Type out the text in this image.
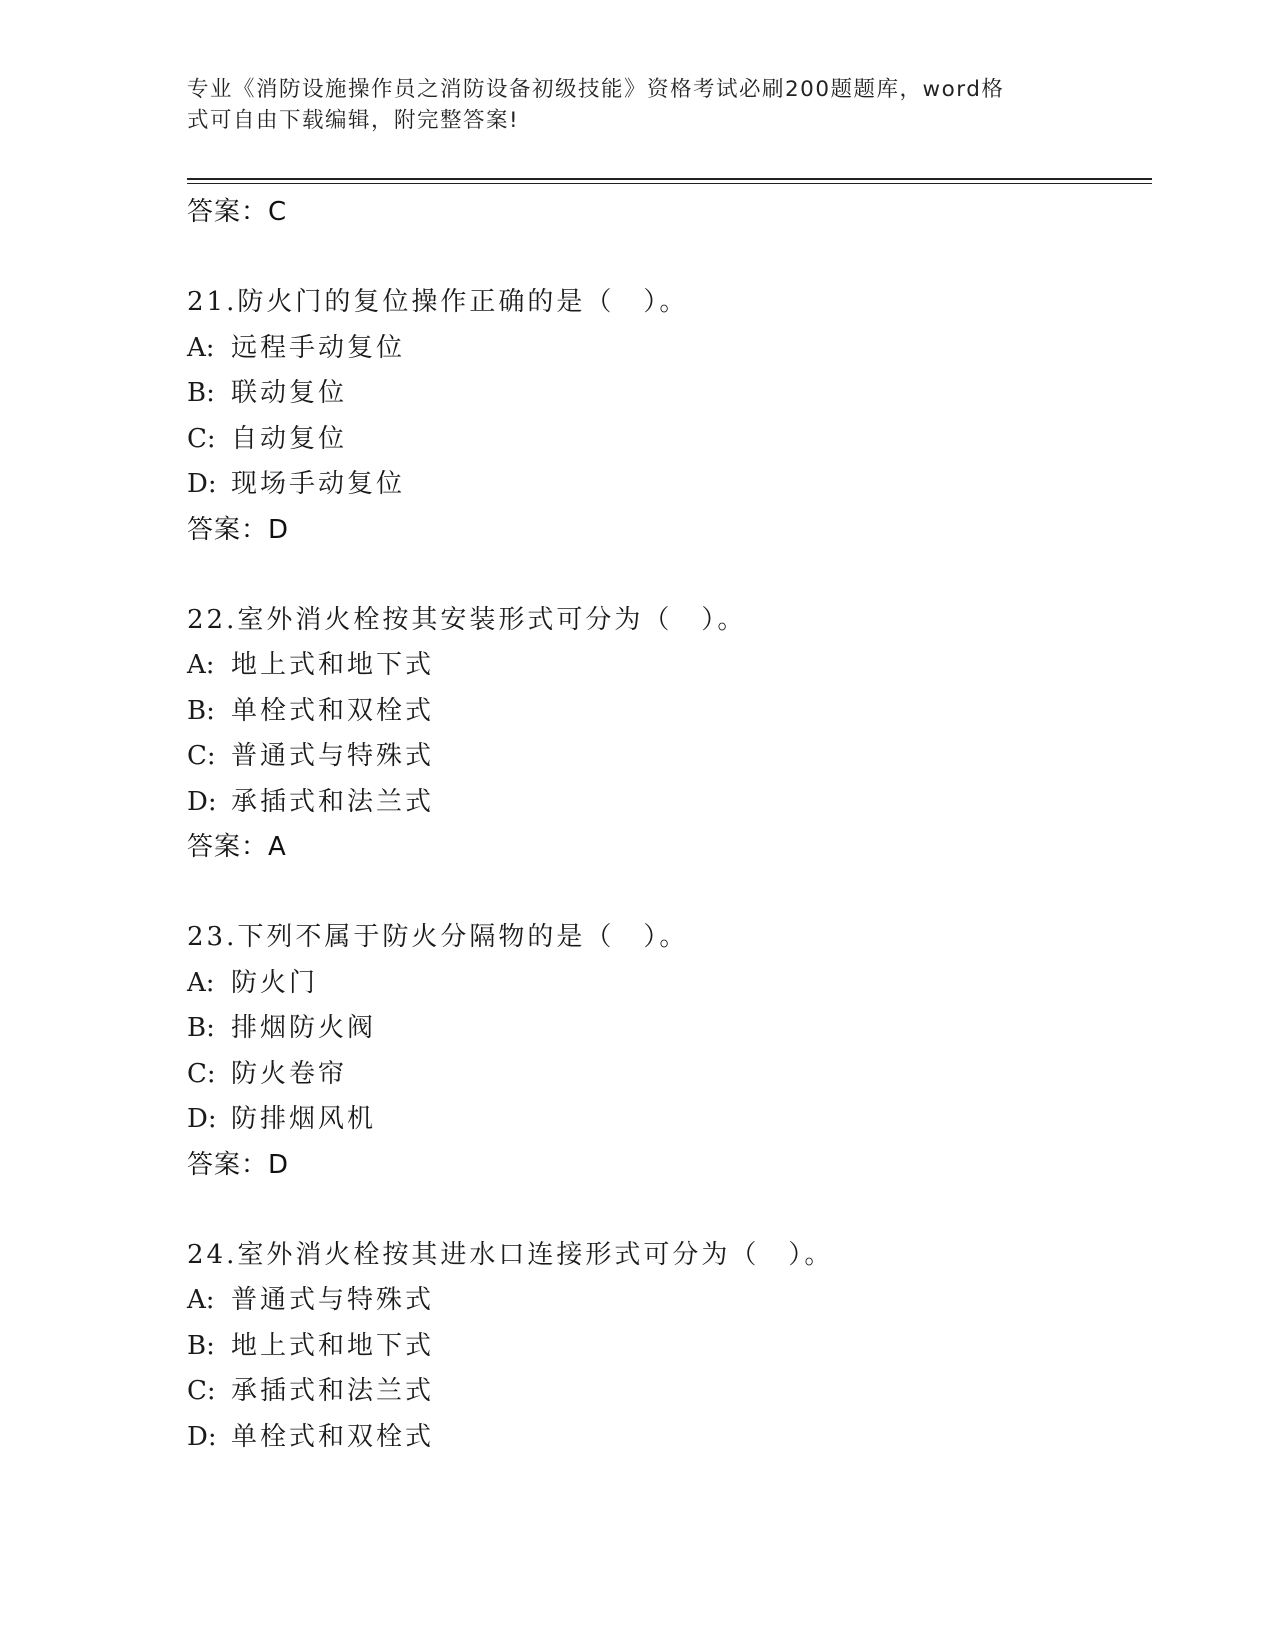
专业《消防设施操作员之消防设备初级技能》资格考试必刷200题题库，word格
式可自由下载编辑，附完整答案!
答案：C
21.防火门的复位操作正确的是（　）。
A: 远程手动复位
B: 联动复位
C: 自动复位
D: 现场手动复位
答案：D
22.室外消火栓按其安装形式可分为（　）。
A: 地上式和地下式
B: 单栓式和双栓式
C: 普通式与特殊式
D: 承插式和法兰式
答案：A
23.下列不属于防火分隔物的是（　）。
A: 防火门
B: 排烟防火阀
C: 防火卷帘
D: 防排烟风机
答案：D
24.室外消火栓按其进水口连接形式可分为（　）。
A: 普通式与特殊式
B: 地上式和地下式
C: 承插式和法兰式
D: 单栓式和双栓式
